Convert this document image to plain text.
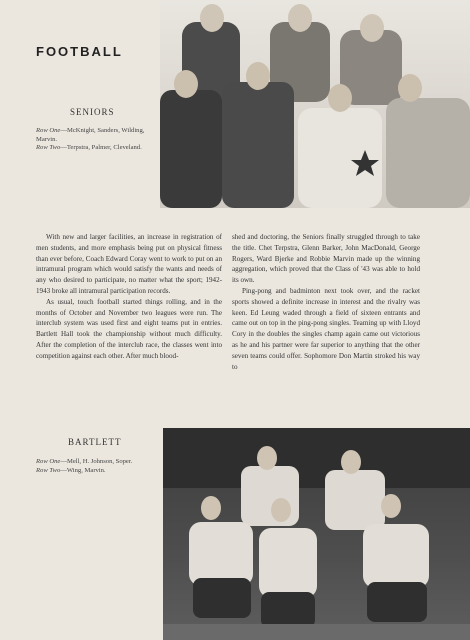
FOOTBALL
SENIORS
Row One—McKnight, Sanders, Wilding, Marvin.
Row Two—Terpstra, Palmer, Cleveland.

With new and larger facilities, an increase in registration of men students, and more emphasis being put on physical fitness than ever before, Coach Edward Coray went to work to put on an intramural program which would satisfy the wants and needs of any who desired to participate, no matter what the sport; 1942-1943 broke all intramural participation records.

As usual, touch football started things rolling, and in the months of October and November two leagues were run. The interclub system was used first and eight teams put in entries. Bartlett Hall took the championship without much difficulty. After the completion of the interclub race, the classes went into competition against each other. After much blood-

shed and doctoring, the Seniors finally struggled through to take the title. Chet Terpstra, Glenn Barker, John MacDonald, George Rogers, Ward Bjerke and Robbie Marvin made up the winning aggregation, which proved that the Class of '43 was able to hold its own.

Ping-pong and badminton next took over, and the racket sports showed a definite increase in interest and the rivalry was keen. Ed Leung waded through a field of sixteen entrants and came out on top in the ping-pong singles. Teaming up with Lloyd Cory in the doubles the singles champ again came out victorious as he and his partner were far superior to anything that the other seven teams could offer. Sophomore Don Martin stroked his way to

BARTLETT
Row One—Mell, H. Johnson, Soper.
Row Two—Wing, Marvin.
